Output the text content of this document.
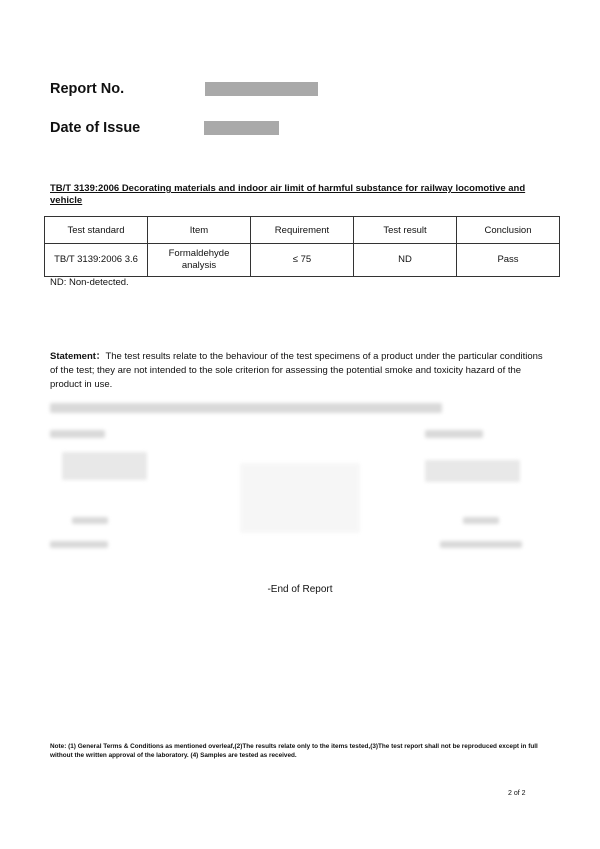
Report No.
Date of Issue
TB/T 3139:2006 Decorating materials and indoor air limit of harmful substance for railway locomotive and vehicle
Test standard	Item	Requirement	Test result	Conclusion
TB/T 3139:2006 3.6	Formaldehyde analysis	≤ 75	ND	Pass
ND: Non-detected.
Statement：The test results relate to the behaviour of the test specimens of a product under the particular conditions of the test; they are not intended to the sole criterion for assessing the potential smoke and toxicity hazard of the product in use.
-End of Report
Note: (1) General Terms & Conditions as mentioned overleaf,(2)The results relate only to the items tested,(3)The test report shall not be reproduced except in full without the written approval of the laboratory. (4) Samples are tested as received.
2 of 2
